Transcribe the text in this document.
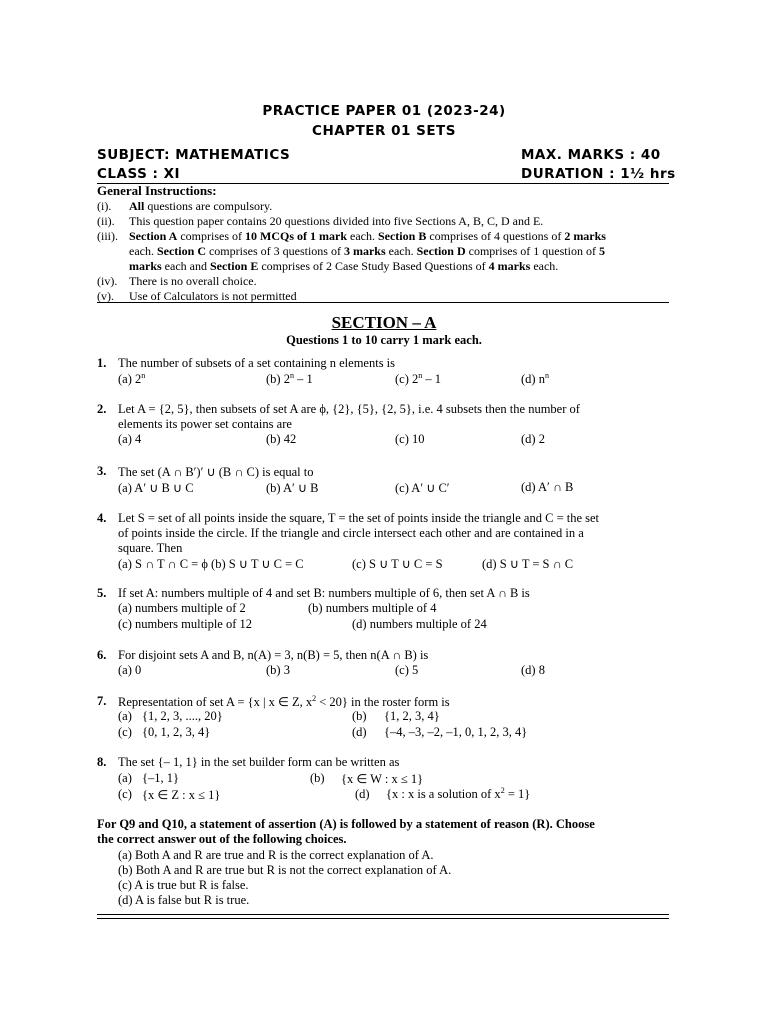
PRACTICE PAPER 01 (2023-24)
CHAPTER 01 SETS
SUBJECT: MATHEMATICS	MAX. MARKS : 40
CLASS : XI	DURATION : 1½ hrs
General Instructions:
(i). All questions are compulsory.
(ii). This question paper contains 20 questions divided into five Sections A, B, C, D and E.
(iii). Section A comprises of 10 MCQs of 1 mark each. Section B comprises of 4 questions of 2 marks
each. Section C comprises of 3 questions of 3 marks each. Section D comprises of 1 question of 5
marks each and Section E comprises of 2 Case Study Based Questions of 4 marks each.
(iv). There is no overall choice.
(v). Use of Calculators is not permitted
SECTION – A
Questions 1 to 10 carry 1 mark each.
1. The number of subsets of a set containing n elements is
(a) 2$^n$	(b) 2$^n$ – 1	(c) 2$^n$ – 1	(d) $n^n$
2. Let A = {2, 5}, then subsets of set A are ϕ, {2}, {5}, {2, 5}, i.e. 4 subsets then the number of
elements its power set contains are
(a) 4	(b) 42	(c) 10	(d) 2
3. The set (A ∩ B′)′ ∪ (B ∩ C) is equal to
(a) A′ ∪ B ∪ C	(b) A′ ∪ B	(c) A′ ∪ C′	(d) A′ ∩ B
4. Let S = set of all points inside the square, T = the set of points inside the triangle and C = the set
of points inside the circle. If the triangle and circle intersect each other and are contained in a
square. Then
(a) S ∩ T ∩ C = ϕ (b) S ∪ T ∪ C = C	(c) S ∪ T ∪ C = S	(d) S ∪ T = S ∩ C
5. If set A: numbers multiple of 4 and set B: numbers multiple of 6, then set A ∩ B is
(a) numbers multiple of 2	(b) numbers multiple of 4
(c) numbers multiple of 12	(d) numbers multiple of 24
6. For disjoint sets A and B, n(A) = 3, n(B) = 5, then n(A ∩ B) is
(a) 0	(b) 3	(c) 5	(d) 8
7. Representation of set A = {x | x ∈ Z, $x^2 < 20$} in the roster form is
(a) {1, 2, 3, ...., 20}	(b) {1, 2, 3, 4}
(c) {0, 1, 2, 3, 4}	(d) {–4, –3, –2, –1, 0, 1, 2, 3, 4}
8. The set {– 1, 1} in the set builder form can be written as
(a) {–1, 1}	(b) {x ∈ W : x ≤ 1}
(c) {x ∈ Z : x ≤ 1}	(d) {x : x is a solution of $x^2 = 1$}
For Q9 and Q10, a statement of assertion (A) is followed by a statement of reason (R). Choose
the correct answer out of the following choices.
(a) Both A and R are true and R is the correct explanation of A.
(b) Both A and R are true but R is not the correct explanation of A.
(c) A is true but R is false.
(d) A is false but R is true.
